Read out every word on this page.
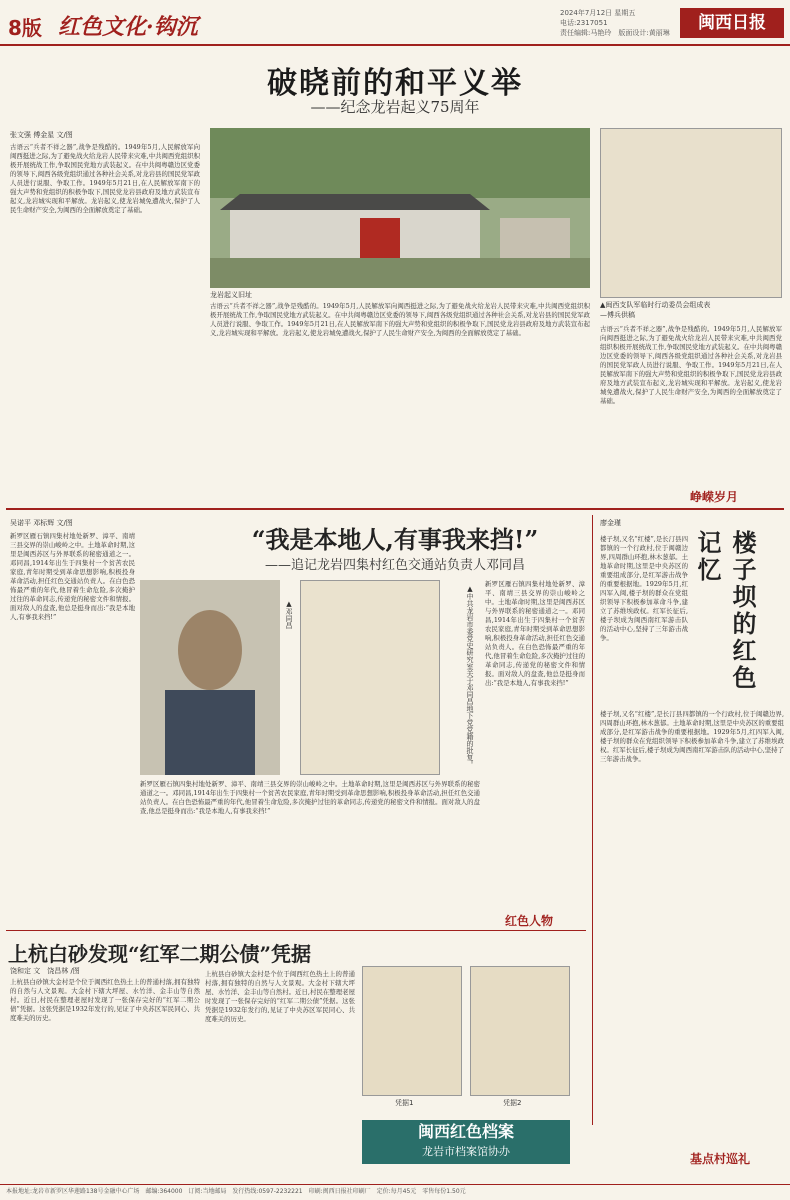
8版 红色文化·钩沉
2024年7月12日 星期五
电话:2317051
责任编辑:马艳玲　版面设计:黄丽琳	闽西日报
破晓前的和平义举
——纪念龙岩起义75周年
张文强 傅金星 文/图
古语云“兵者不祥之器”,战争是残酷的。1949年5月,人民解放军向闽西挺进之际,为了避免战火给龙岩人民带来灾难,中共闽西党组织积极开展统战工作,争取国民党地方武装起义。在中共闽粤赣边区党委的领导下,闽西各级党组织通过各种社会关系,对龙岩县的国民党军政人员进行说服、争取工作。1949年5月21日,在人民解放军南下的强大声势和党组织的积极争取下,国民党龙岩县政府及地方武装宣布起义,龙岩城实现和平解放。龙岩起义,使龙岩城免遭战火,保护了人民生命财产安全,为闽西的全面解放奠定了基础。
龙岩起义旧址
古语云“兵者不祥之器”,战争是残酷的。1949年5月,人民解放军向闽西挺进之际,为了避免战火给龙岩人民带来灾难,中共闽西党组织积极开展统战工作,争取国民党地方武装起义。在中共闽粤赣边区党委的领导下,闽西各级党组织通过各种社会关系,对龙岩县的国民党军政人员进行说服、争取工作。1949年5月21日,在人民解放军南下的强大声势和党组织的积极争取下,国民党龙岩县政府及地方武装宣布起义,龙岩城实现和平解放。龙岩起义,使龙岩城免遭战火,保护了人民生命财产安全,为闽西的全面解放奠定了基础。
▲闽西支队军临时行动委员会组成表
—傅兵供稿
古语云“兵者不祥之器”,战争是残酷的。1949年5月,人民解放军向闽西挺进之际,为了避免战火给龙岩人民带来灾难,中共闽西党组织积极开展统战工作,争取国民党地方武装起义。在中共闽粤赣边区党委的领导下,闽西各级党组织通过各种社会关系,对龙岩县的国民党军政人员进行说服、争取工作。1949年5月21日,在人民解放军南下的强大声势和党组织的积极争取下,国民党龙岩县政府及地方武装宣布起义,龙岩城实现和平解放。龙岩起义,使龙岩城免遭战火,保护了人民生命财产安全,为闽西的全面解放奠定了基础。
峥嵘岁月
吴诺平 邓标辉 文/图
“我是本地人,有事我来挡!”
——追记龙岩四集村红色交通站负责人邓同昌
新罗区雁石镇四集村地处新罗、漳平、南靖三县交界的崇山峻岭之中。土地革命时期,这里是闽西苏区与外界联系的秘密通道之一。邓同昌,1914年出生于四集村一个贫苦农民家庭,青年时期受到革命思想影响,积极投身革命活动,担任红色交通站负责人。在白色恐怖最严重的年代,他冒着生命危险,多次掩护过往的革命同志,传递党的秘密文件和情报。面对敌人的盘查,他总是挺身而出:“我是本地人,有事我来挡!”	▲邓同昌	▲中共龙岩市委党史研究室关于邓同昌地下党党籍的批复。
新罗区雁石镇四集村地处新罗、漳平、南靖三县交界的崇山峻岭之中。土地革命时期,这里是闽西苏区与外界联系的秘密通道之一。邓同昌,1914年出生于四集村一个贫苦农民家庭,青年时期受到革命思想影响,积极投身革命活动,担任红色交通站负责人。在白色恐怖最严重的年代,他冒着生命危险,多次掩护过往的革命同志,传递党的秘密文件和情报。面对敌人的盘查,他总是挺身而出:“我是本地人,有事我来挡!”
新罗区雁石镇四集村地处新罗、漳平、南靖三县交界的崇山峻岭之中。土地革命时期,这里是闽西苏区与外界联系的秘密通道之一。邓同昌,1914年出生于四集村一个贫苦农民家庭,青年时期受到革命思想影响,积极投身革命活动,担任红色交通站负责人。在白色恐怖最严重的年代,他冒着生命危险,多次掩护过往的革命同志,传递党的秘密文件和情报。面对敌人的盘查,他总是挺身而出:“我是本地人,有事我来挡!”
红色人物
廖金瑾
楼子坝的红色记忆
楼子坝,又名“红楼”,是长汀县四都镇的一个行政村,位于闽赣边界,四周群山环抱,林木葱郁。土地革命时期,这里是中央苏区的重要组成部分,是红军游击战争的重要根据地。1929年5月,红四军入闽,楼子坝的群众在党组织领导下积极参加革命斗争,建立了苏维埃政权。红军长征后,楼子坝成为闽西南红军游击队的活动中心,坚持了三年游击战争。
楼子坝,又名“红楼”,是长汀县四都镇的一个行政村,位于闽赣边界,四周群山环抱,林木葱郁。土地革命时期,这里是中央苏区的重要组成部分,是红军游击战争的重要根据地。1929年5月,红四军入闽,楼子坝的群众在党组织领导下积极参加革命斗争,建立了苏维埃政权。红军长征后,楼子坝成为闽西南红军游击队的活动中心,坚持了三年游击战争。
基点村巡礼
上杭白砂发现“红军二期公债”凭据
饶和定 文　饶昌林 /图
上杭县白砂镇大金村是个位于闽西红色热土上的普通村落,拥有独特的自然与人文景观。大金村下辖大坪屋、水竹洋、金丰山等自然村。近日,村民在整理老屋时发现了一张保存完好的“红军二期公债”凭据。这张凭据是1932年发行的,见证了中央苏区军民同心、共度难关的历史。
上杭县白砂镇大金村是个位于闽西红色热土上的普通村落,拥有独特的自然与人文景观。大金村下辖大坪屋、水竹洋、金丰山等自然村。近日,村民在整理老屋时发现了一张保存完好的“红军二期公债”凭据。这张凭据是1932年发行的,见证了中央苏区军民同心、共度难关的历史。
凭据1	凭据2
闽西红色档案
龙岩市档案馆协办
本报地址:龙岩市新罗区华莲路138号金融中心广场　邮编:364000　订阅:当地邮局　发行热线:0597-2232221　印刷:闽西日报社印刷厂　定价:每月45元　零售每份1.50元
